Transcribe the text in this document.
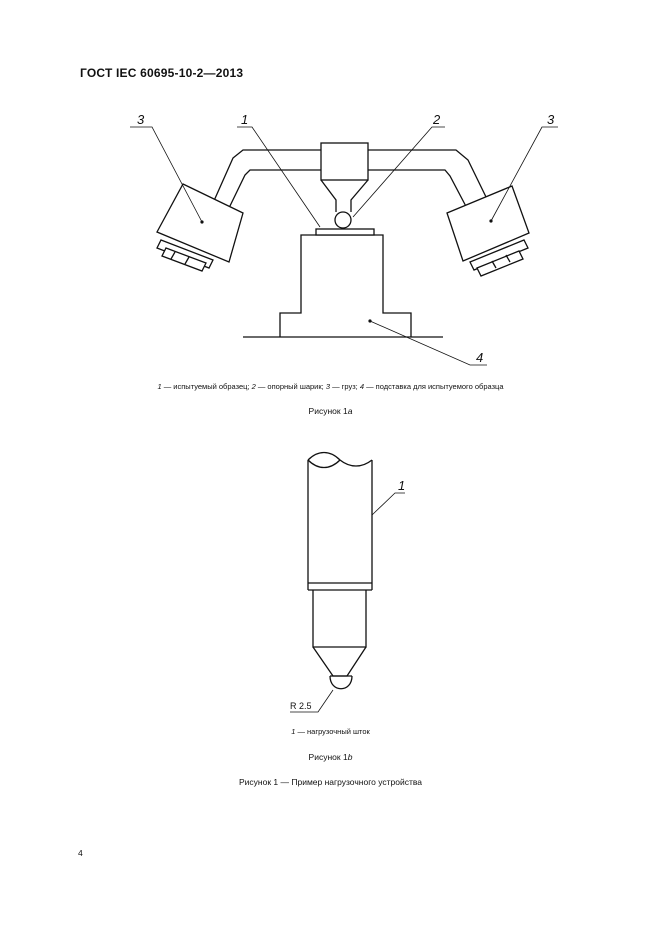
ГОСТ IEC 60695-10-2—2013
3	1	2	3
4
1 — испытуемый образец; 2 — опорный шарик; 3 — груз; 4 — подставка для испытуемого образца
Рисунок 1a
1
R 2.5
1 — нагрузочный шток
Рисунок 1b
Рисунок 1 — Пример нагрузочного устройства
4
